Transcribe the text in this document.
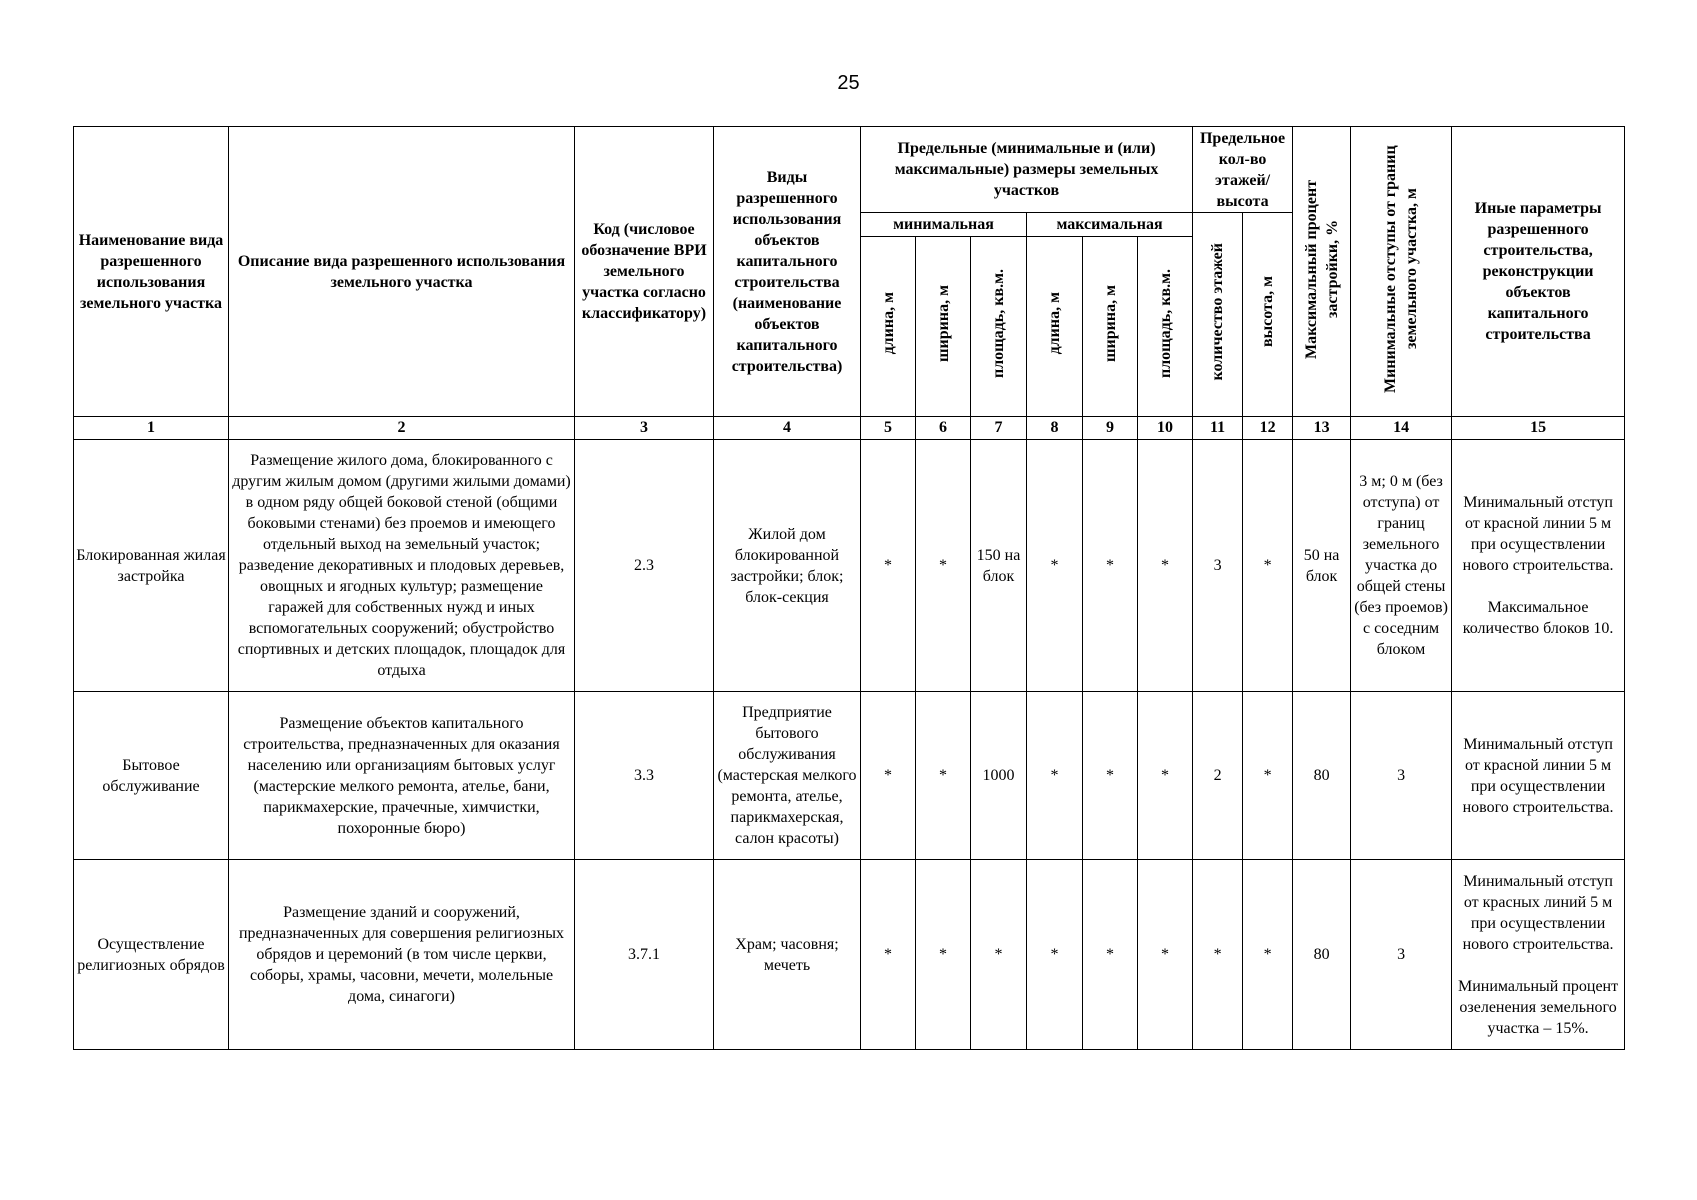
25
Наименование вида разрешенного использования земельного участка	Описание вида разрешенного использования земельного участка	Код (числовое обозначение ВРИ земельного участка согласно классификатору)	Виды разрешенного использования объектов капитального строительства (наименование объектов капитального строительства)	Предельные (минимальные и (или) максимальные) размеры земельных участков						Предельное кол-во этажей/ высота		Максимальный процент застройки, %	Минимальные отступы от границ земельного участка, м	Иные параметры разрешенного строительства, реконструкции объектов капитального строительства
				минимальная			максимальная			количество этажей	высота, м			
				длина, м	ширина, м	площадь, кв.м.	длина, м	ширина, м	площадь, кв.м.					
1	2	3	4	5	6	7	8	9	10	11	12	13	14	15
Блокированная жилая застройка	Размещение жилого дома, блокированного с другим жилым домом (другими жилыми домами) в одном ряду общей боковой стеной (общими боковыми стенами) без проемов и имеющего отдельный выход на земельный участок; разведение декоративных и плодовых деревьев, овощных и ягодных культур; размещение гаражей для собственных нужд и иных вспомогательных сооружений; обустройство спортивных и детских площадок, площадок для отдыха	2.3	Жилой дом блокированной застройки; блок; блок-секция	*	*	150 на блок	*	*	*	3	*	50 на блок	3 м; 0 м (без отступа) от границ земельного участка до общей стены (без проемов) с соседним блоком	Минимальный отступ от красной линии 5 м при осуществлении нового строительства.
Максимальное количество блоков 10.

Бытовое обслуживание	Размещение объектов капитального строительства, предназначенных для оказания населению или организациям бытовых услуг (мастерские мелкого ремонта, ателье, бани, парикмахерские, прачечные, химчистки, похоронные бюро)	3.3	Предприятие бытового обслуживания (мастерская мелкого ремонта, ателье, парикмахерская, салон красоты)	*	*	1000	*	*	*	2	*	80	3	Минимальный отступ от красной линии 5 м при осуществлении нового строительства.

Осуществление религиозных обрядов	Размещение зданий и сооружений, предназначенных для совершения религиозных обрядов и церемоний (в том числе церкви, соборы, храмы, часовни, мечети, молельные дома, синагоги)	3.7.1	Храм; часовня; мечеть	*	*	*	*	*	*	*	*	80	3	Минимальный отступ от красных линий 5 м при осуществлении нового строительства.
Минимальный процент озеленения земельного участка – 15%.
